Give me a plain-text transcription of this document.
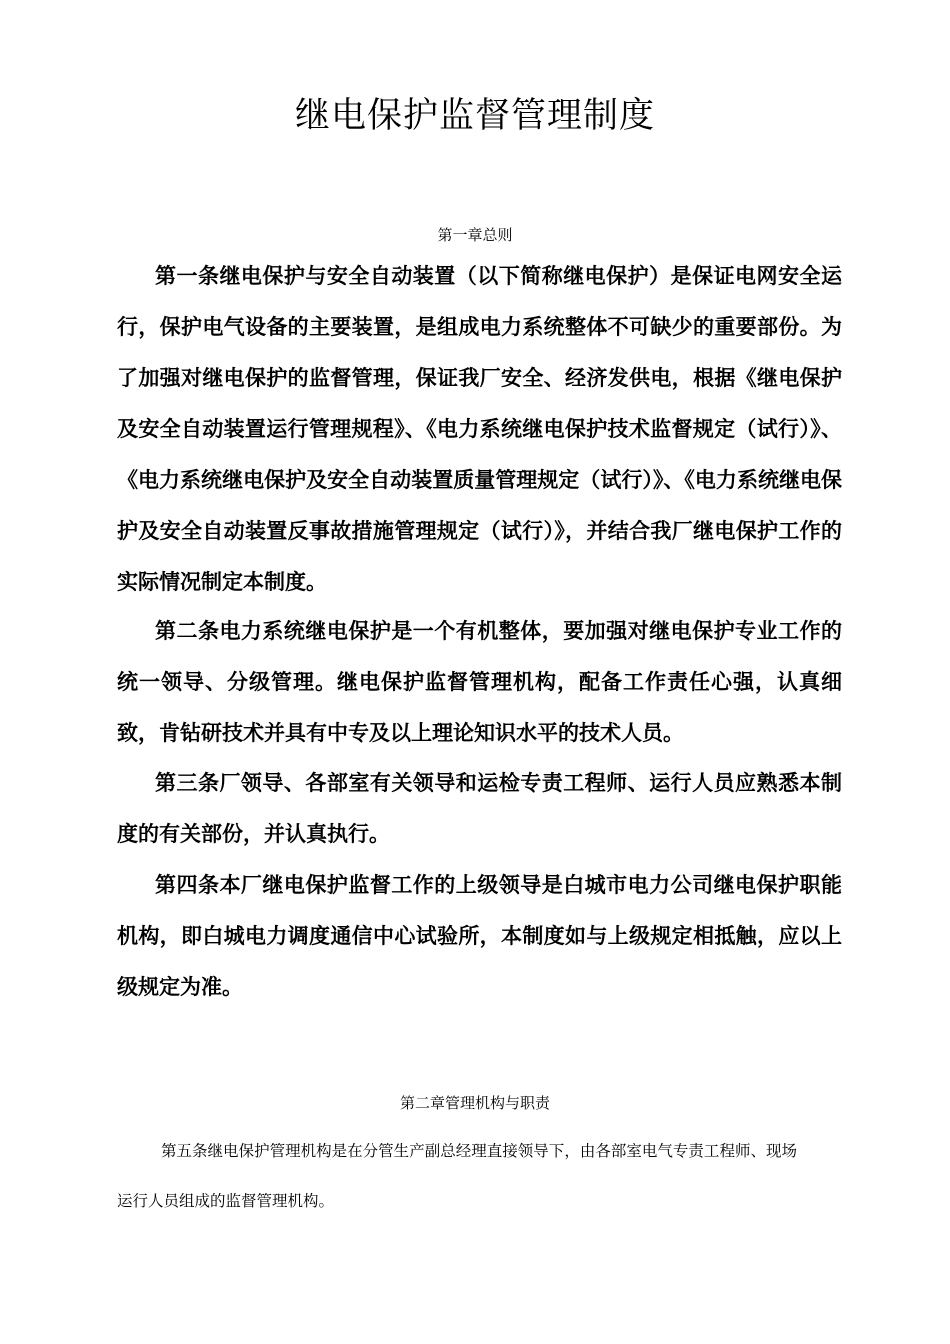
继电保护监督管理制度
第一章总则

第一条继电保护与安全自动装置（以下简称继电保护）是保证电网安全运行，保护电气设备的主要装置，是组成电力系统整体不可缺少的重要部份。为了加强对继电保护的监督管理，保证我厂安全、经济发供电，根据《继电保护及安全自动装置运行管理规程》、《电力系统继电保护技术监督规定（试行）》、《电力系统继电保护及安全自动装置质量管理规定（试行）》、《电力系统继电保护及安全自动装置反事故措施管理规定（试行）》，并结合我厂继电保护工作的实际情况制定本制度。

第二条电力系统继电保护是一个有机整体，要加强对继电保护专业工作的统一领导、分级管理。继电保护监督管理机构，配备工作责任心强，认真细致，肯钻研技术并具有中专及以上理论知识水平的技术人员。

第三条厂领导、各部室有关领导和运检专责工程师、运行人员应熟悉本制度的有关部份，并认真执行。

第四条本厂继电保护监督工作的上级领导是白城市电力公司继电保护职能机构，即白城电力调度通信中心试验所，本制度如与上级规定相抵触，应以上级规定为准。

第二章管理机构与职责

第五条继电保护管理机构是在分管生产副总经理直接领导下，由各部室电气专责工程师、现场运行人员组成的监督管理机构。
